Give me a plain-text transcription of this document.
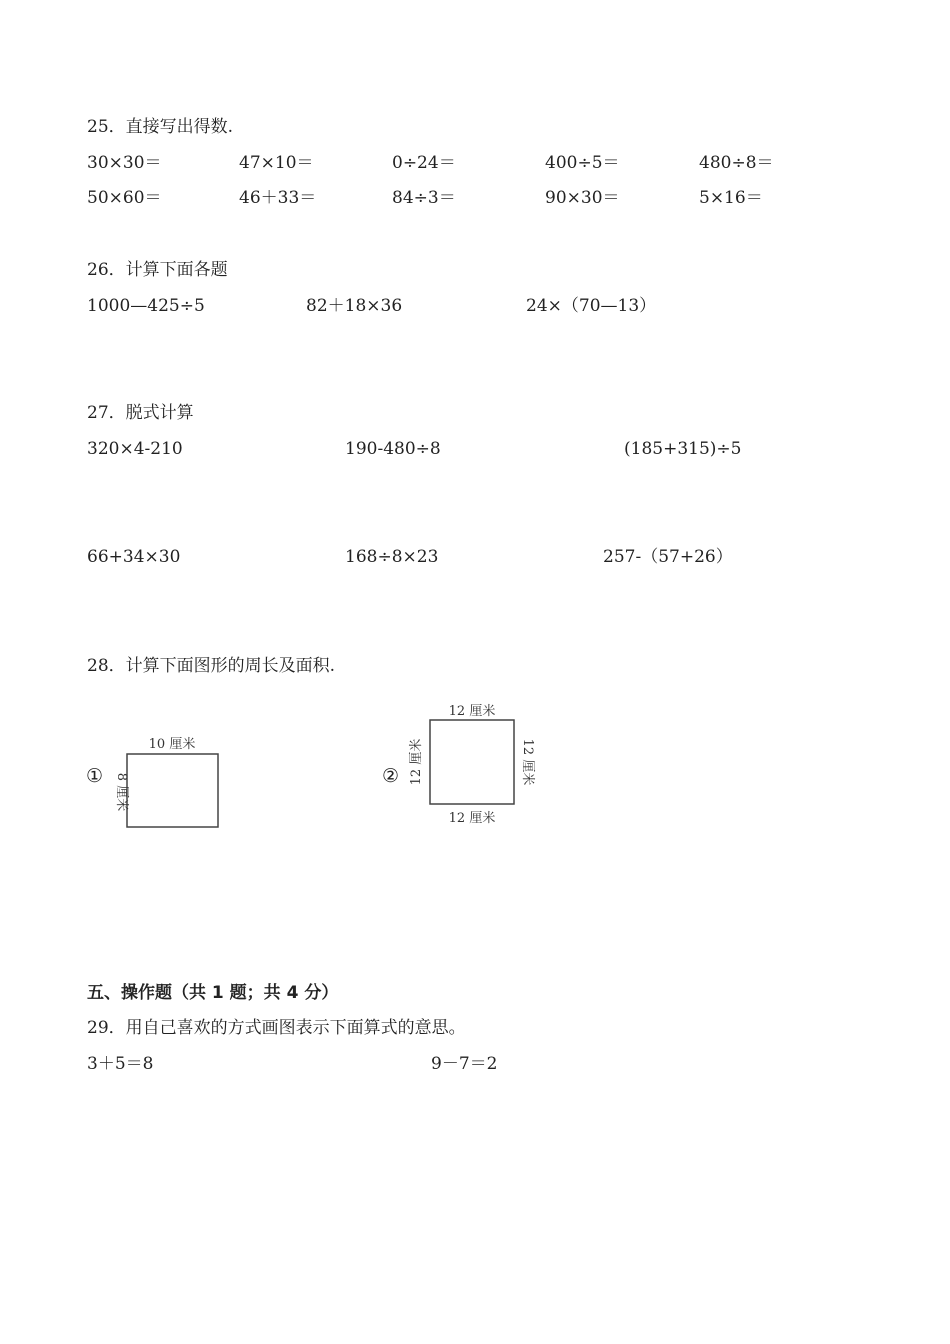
25．直接写出得数.
30×30＝	47×10＝	0÷24＝	400÷5＝	480÷8＝
50×60＝	46＋33＝	84÷3＝	90×30＝	5×16＝
26．计算下面各题
1000—425÷5	82＋18×36	24×（70—13）
27．脱式计算
320×4-210	190-480÷8	(185+315)÷5
66+34×30	168÷8×23	257-（57+26）
28．计算下面图形的周长及面积.
①
10 厘米
8 厘米	②
12 厘米
12 厘米
12 厘米	12 厘米
五、操作题（共 1 题；共 4 分）
29．用自己喜欢的方式画图表示下面算式的意思。
3＋5＝8	9－7＝2
